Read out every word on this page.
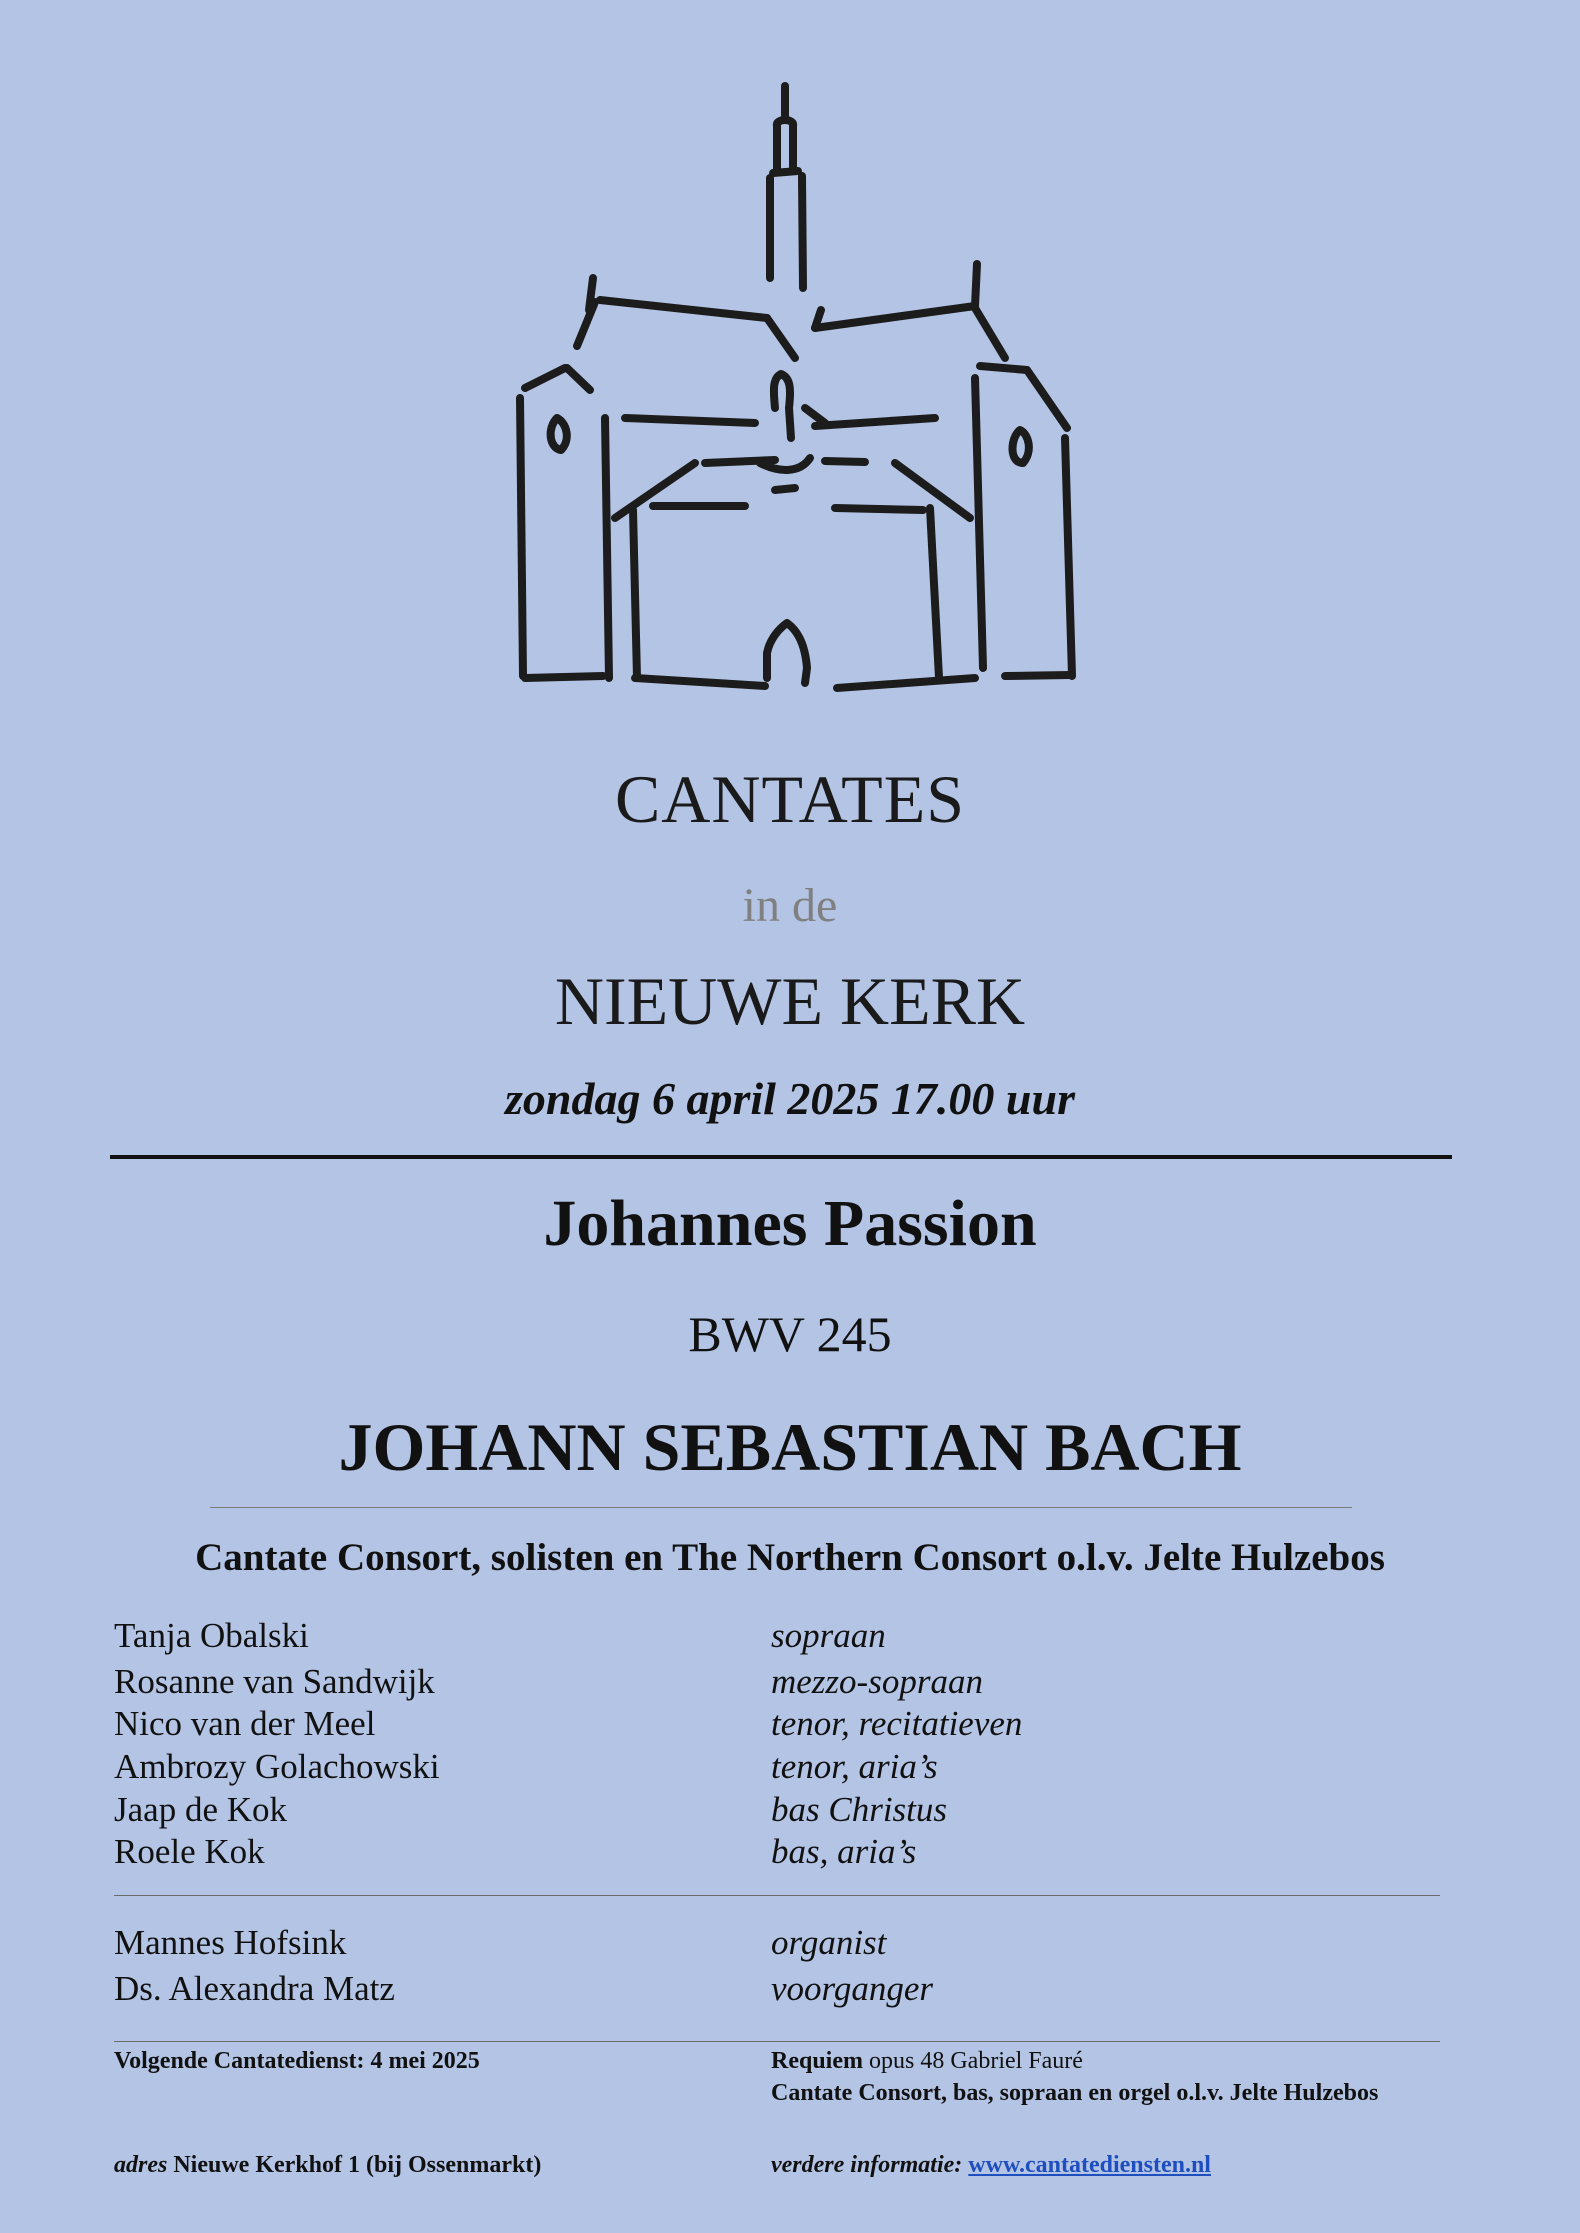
CANTATES
in de
NIEUWE KERK
zondag 6 april 2025 17.00 uur
Johannes Passion
BWV 245
JOHANN SEBASTIAN BACH
Cantate Consort, solisten en The Northern Consort o.l.v. Jelte Hulzebos
Tanja Obalski	sopraan
Rosanne van Sandwijk	mezzo-sopraan
Nico van der Meel	tenor, recitatieven
Ambrozy Golachowski	tenor, aria’s
Jaap de Kok	bas Christus
Roele Kok	bas, aria’s
Mannes Hofsink	organist
Ds. Alexandra Matz	voorganger
Volgende Cantatedienst: 4 mei 2025	Requiem opus 48 Gabriel Fauré
Cantate Consort, bas, sopraan en orgel o.l.v. Jelte Hulzebos
adres Nieuwe Kerkhof 1 (bij Ossenmarkt)	verdere informatie: www.cantatediensten.nl
